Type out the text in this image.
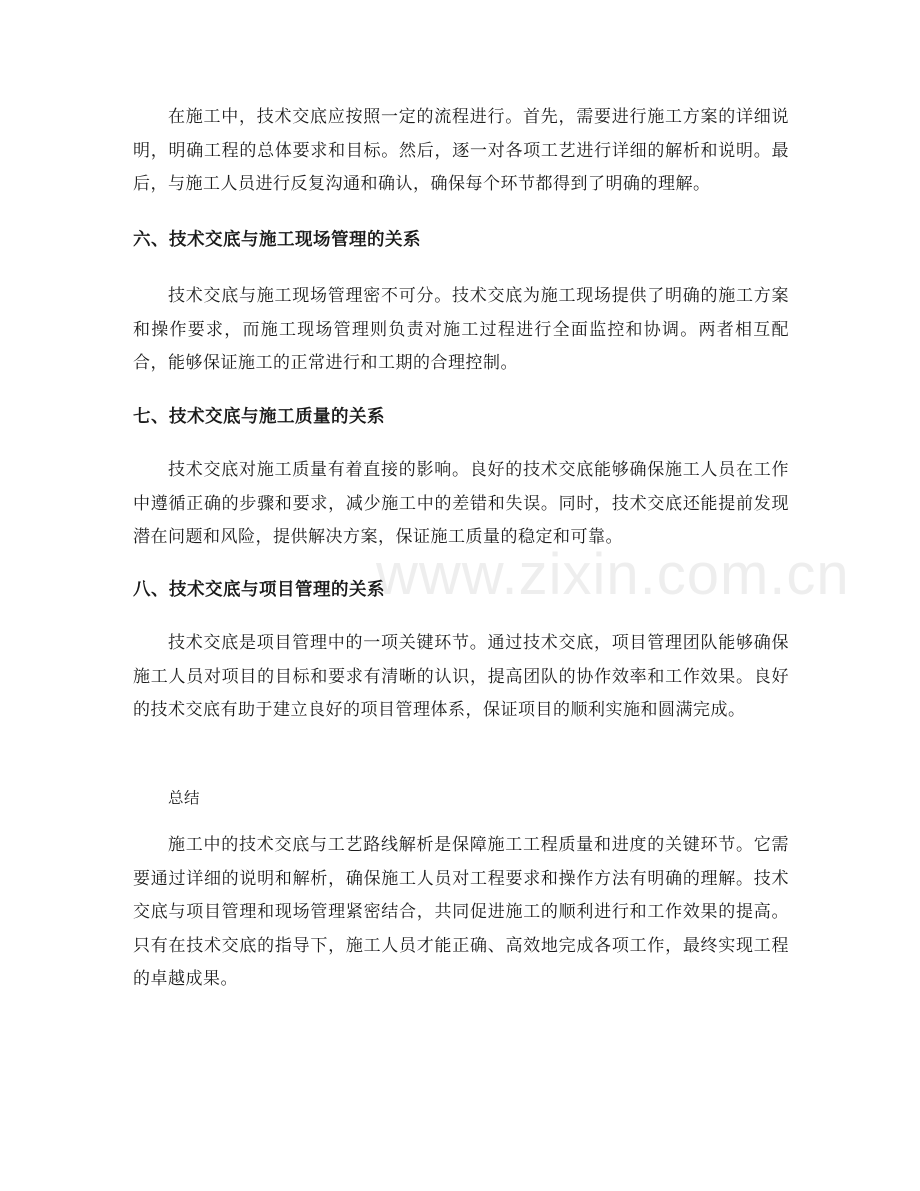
在施工中，技术交底应按照一定的流程进行。首先，需要进行施工方案的详细说明，明确工程的总体要求和目标。然后，逐一对各项工艺进行详细的解析和说明。最后，与施工人员进行反复沟通和确认，确保每个环节都得到了明确的理解。

六、技术交底与施工现场管理的关系

技术交底与施工现场管理密不可分。技术交底为施工现场提供了明确的施工方案和操作要求，而施工现场管理则负责对施工过程进行全面监控和协调。两者相互配合，能够保证施工的正常进行和工期的合理控制。

七、技术交底与施工质量的关系

技术交底对施工质量有着直接的影响。良好的技术交底能够确保施工人员在工作中遵循正确的步骤和要求，减少施工中的差错和失误。同时，技术交底还能提前发现潜在问题和风险，提供解决方案，保证施工质量的稳定和可靠。

八、技术交底与项目管理的关系

技术交底是项目管理中的一项关键环节。通过技术交底，项目管理团队能够确保施工人员对项目的目标和要求有清晰的认识，提高团队的协作效率和工作效果。良好的技术交底有助于建立良好的项目管理体系，保证项目的顺利实施和圆满完成。

总结

施工中的技术交底与工艺路线解析是保障施工工程质量和进度的关键环节。它需要通过详细的说明和解析，确保施工人员对工程要求和操作方法有明确的理解。技术交底与项目管理和现场管理紧密结合，共同促进施工的顺利进行和工作效果的提高。只有在技术交底的指导下，施工人员才能正确、高效地完成各项工作，最终实现工程的卓越成果。

www.zixin.com.cn
